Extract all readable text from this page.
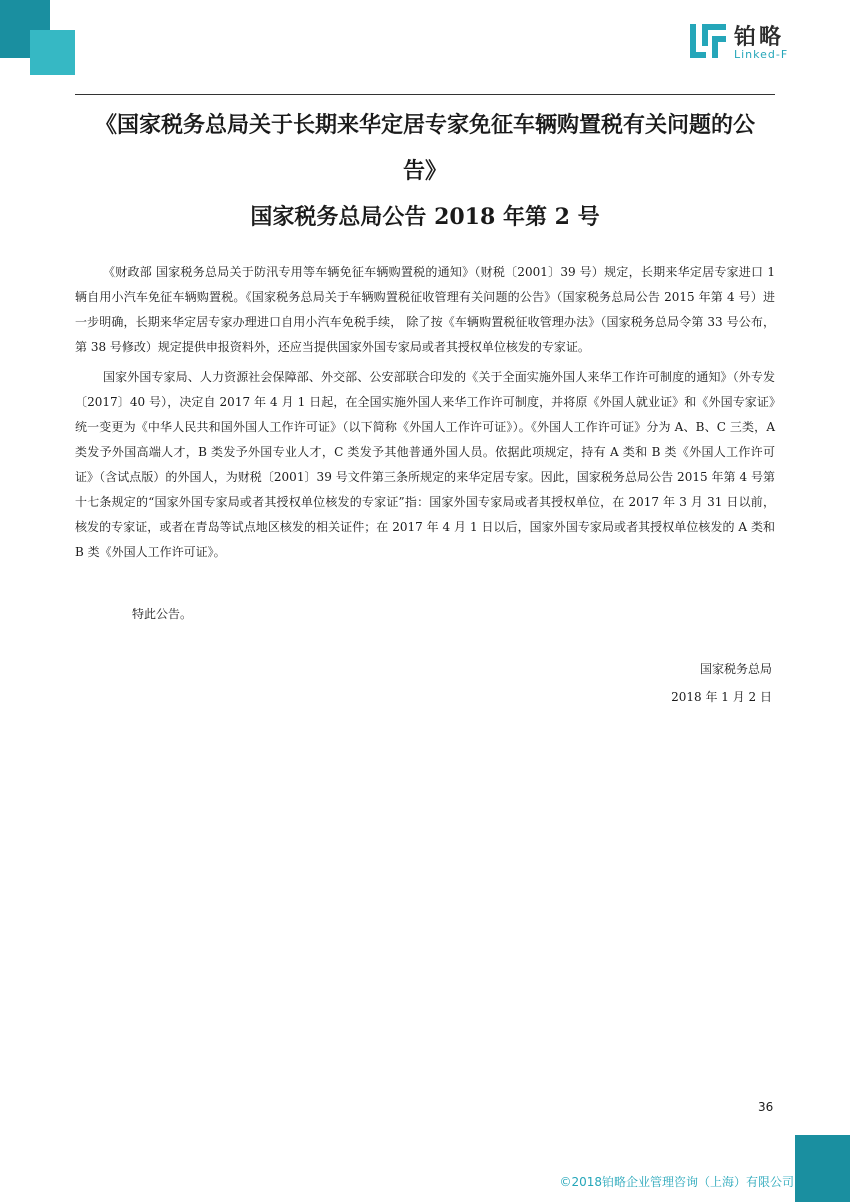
铂略
Linked-F
《国家税务总局关于长期来华定居专家免征车辆购置税有关问题的公
告》
国家税务总局公告 2018 年第 2 号

《财政部 国家税务总局关于防汛专用等车辆免征车辆购置税的通知》（财税〔2001〕39 号）规定，长期来华定居专家进口 1 辆自用小汽车免征车辆购置税。《国家税务总局关于车辆购置税征收管理有关问题的公告》（国家税务总局公告 2015 年第 4 号）进一步明确，长期来华定居专家办理进口自用小汽车免税手续， 除了按《车辆购置税征收管理办法》（国家税务总局令第 33 号公布，第 38 号修改）规定提供申报资料外，还应当提供国家外国专家局或者其授权单位核发的专家证。

国家外国专家局、人力资源社会保障部、外交部、公安部联合印发的《关于全面实施外国人来华工作许可制度的通知》（外专发〔2017〕40 号），决定自 2017 年 4 月 1 日起，在全国实施外国人来华工作许可制度，并将原《外国人就业证》和《外国专家证》统一变更为《中华人民共和国外国人工作许可证》（以下简称《外国人工作许可证》）。《外国人工作许可证》分为 A、B、C 三类，A 类发予外国高端人才，B 类发予外国专业人才，C 类发予其他普通外国人员。依据此项规定，持有 A 类和 B 类《外国人工作许可证》（含试点版）的外国人，为财税〔2001〕39 号文件第三条所规定的来华定居专家。因此，国家税务总局公告 2015 年第 4 号第十七条规定的“国家外国专家局或者其授权单位核发的专家证”指：国家外国专家局或者其授权单位，在 2017 年 3 月 31 日以前，核发的专家证，或者在青岛等试点地区核发的相关证件；在 2017 年 4 月 1 日以后，国家外国专家局或者其授权单位核发的 A 类和 B 类《外国人工作许可证》。

特此公告。
国家税务总局
2018 年 1 月 2 日
36
©2018铂略企业管理咨询（上海）有限公司
